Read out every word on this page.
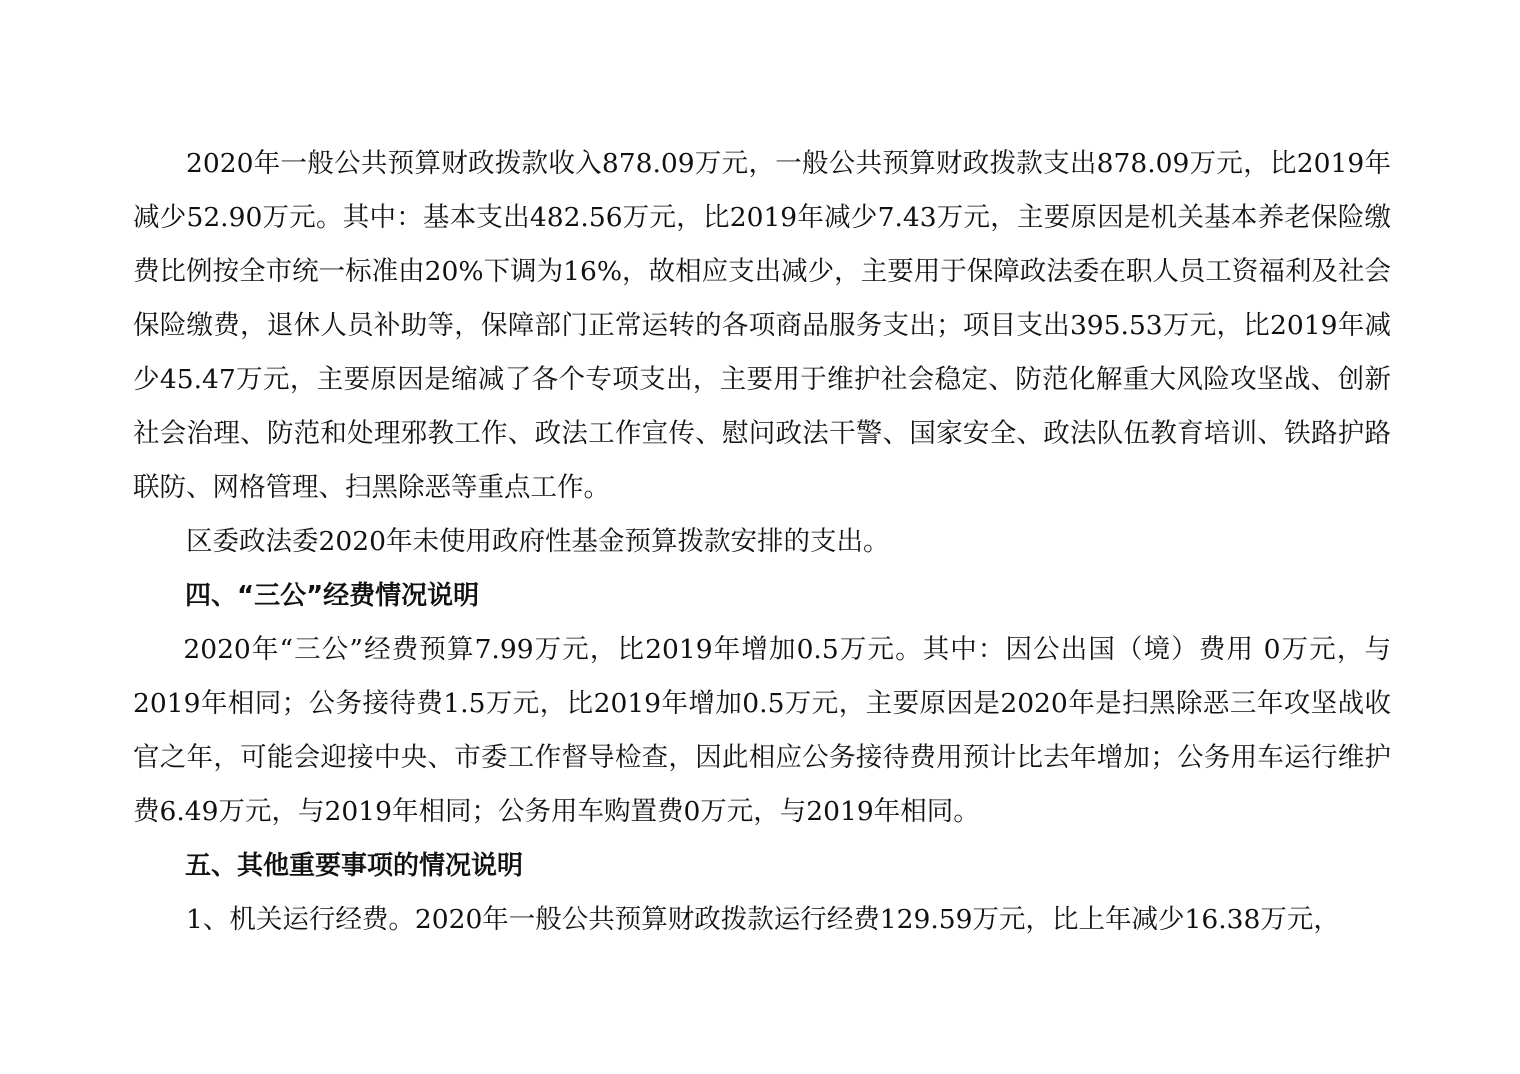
2020年一般公共预算财政拨款收入878.09万元，一般公共预算财政拨款支出878.09万元，比2019年减少52.90万元。其中：基本支出482.56万元，比2019年减少7.43万元，主要原因是机关基本养老保险缴费比例按全市统一标准由20%下调为16%，故相应支出减少，主要用于保障政法委在职人员工资福利及社会保险缴费，退休人员补助等，保障部门正常运转的各项商品服务支出；项目支出395.53万元，比2019年减少45.47万元，主要原因是缩减了各个专项支出，主要用于维护社会稳定、防范化解重大风险攻坚战、创新社会治理、防范和处理邪教工作、政法工作宣传、慰问政法干警、国家安全、政法队伍教育培训、铁路护路联防、网格管理、扫黑除恶等重点工作。

区委政法委2020年未使用政府性基金预算拨款安排的支出。

四、“三公”经费情况说明

2020年“三公”经费预算7.99万元，比2019年增加0.5万元。其中：因公出国（境）费用 0万元，与2019年相同；公务接待费1.5万元，比2019年增加0.5万元，主要原因是2020年是扫黑除恶三年攻坚战收官之年，可能会迎接中央、市委工作督导检查，因此相应公务接待费用预计比去年增加；公务用车运行维护费6.49万元，与2019年相同；公务用车购置费0万元，与2019年相同。

五、其他重要事项的情况说明

1、机关运行经费。2020年一般公共预算财政拨款运行经费129.59万元，比上年减少16.38万元，
